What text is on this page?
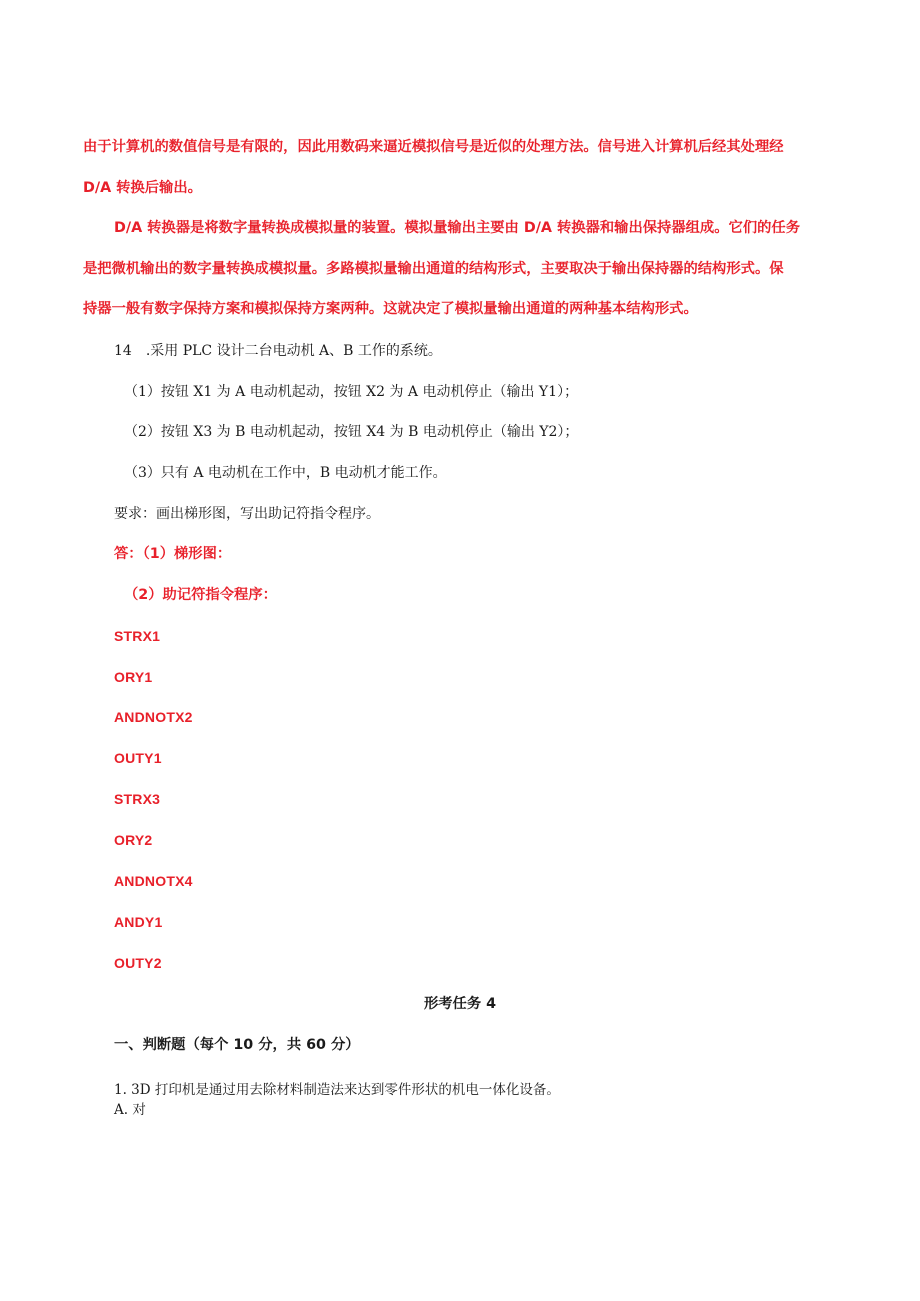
由于计算机的数值信号是有限的，因此用数码来逼近模拟信号是近似的处理方法。信号进入计算机后经其处理经
D/A 转换后输出。
D/A 转换器是将数字量转换成模拟量的装置。模拟量输出主要由 D/A 转换器和输出保持器组成。它们的任务
是把微机输出的数字量转换成模拟量。多路模拟量输出通道的结构形式，主要取决于输出保持器的结构形式。保
持器一般有数字保持方案和模拟保持方案两种。这就决定了模拟量输出通道的两种基本结构形式。
14　.采用 PLC 设计二台电动机 A、B 工作的系统。
（1）按钮 X1 为 A 电动机起动，按钮 X2 为 A 电动机停止（输出 Y1）；
（2）按钮 X3 为 B 电动机起动，按钮 X4 为 B 电动机停止（输出 Y2）；
（3）只有 A 电动机在工作中，B 电动机才能工作。
要求：画出梯形图，写出助记符指令程序。
答：（1）梯形图：
（2）助记符指令程序：
STRX1
ORY1
ANDNOTX2
OUTY1
STRX3
ORY2
ANDNOTX4
ANDY1
OUTY2
形考任务 4
一、判断题（每个 10 分，共 60 分）
1. 3D 打印机是通过用去除材料制造法来达到零件形状的机电一体化设备。
A. 对
